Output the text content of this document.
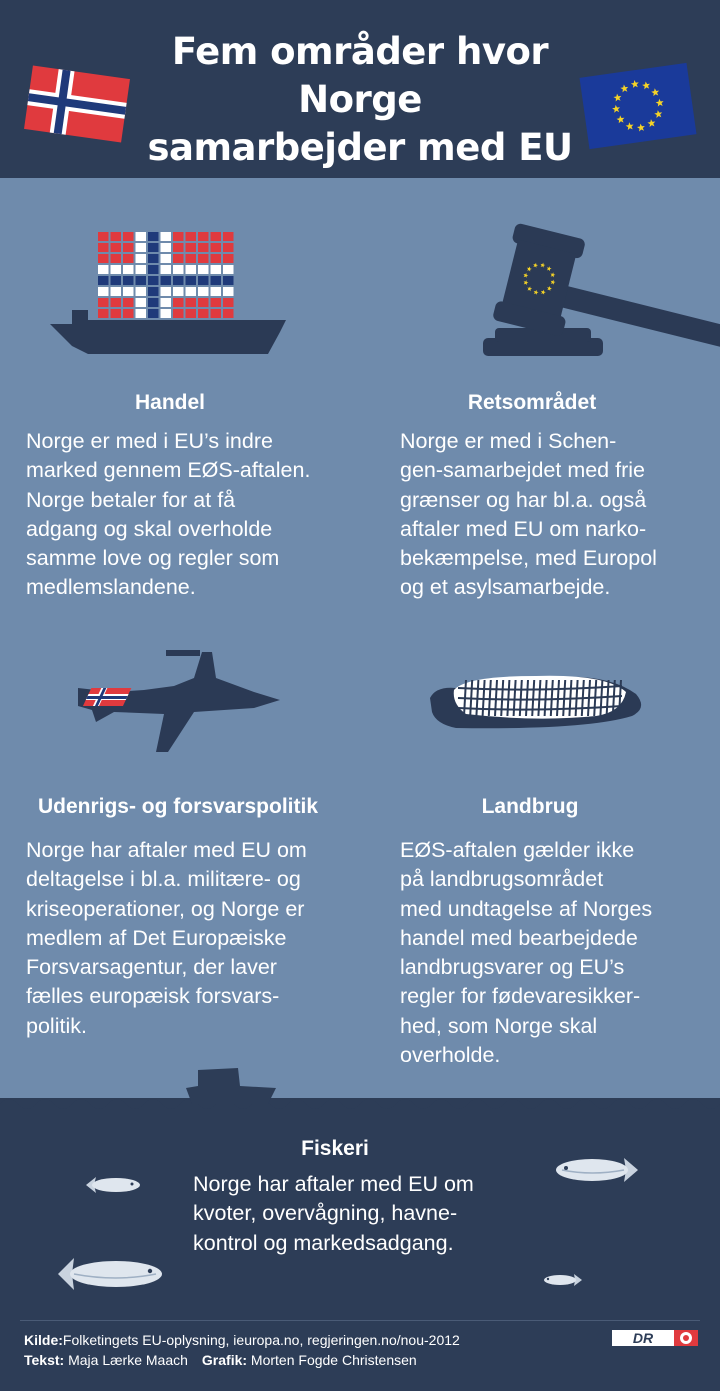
Fem områder hvor Norge
samarbejder med EU
Handel
Norge er med i EU’s indre
marked gennem EØS-aftalen.
Norge betaler for at få
adgang og skal overholde
samme love og regler som
medlemslandene.
Retsområdet
Norge er med i Schen-
gen-samarbejdet med frie
grænser og har bl.a. også
aftaler med EU om narko-
bekæmpelse, med Europol
og et asylsamarbejde.
Udenrigs- og forsvarspolitik
Norge har aftaler med EU om
deltagelse i bl.a. militære- og
kriseoperationer, og Norge er
medlem af Det Europæiske
Forsvarsagentur, der laver
fælles europæisk forsvars-
politik.
Landbrug
EØS-aftalen gælder ikke
på landbrugsområdet
med undtagelse af Norges
handel med bearbejdede
landbrugsvarer og EU’s
regler for fødevaresikker-
hed, som Norge skal
overholde.
Fiskeri
Norge har aftaler med EU om
kvoter, overvågning, havne-
kontrol og markedsadgang.
Kilde:Folketingets EU-oplysning, ieuropa.no, regjeringen.no/nou-2012
Tekst: Maja Lærke Maach Grafik: Morten Fogde Christensen
DR
